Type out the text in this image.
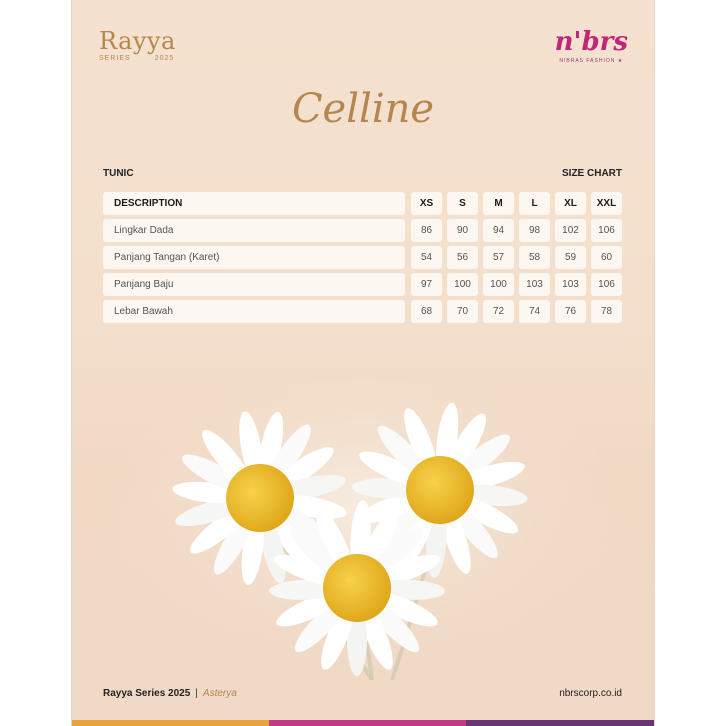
Rayya
SERIES	2025
n'brs
NIBRAS FASHION ★
Celline
TUNIC	SIZE CHART
DESCRIPTION	XS	S	M	L	XL	XXL
Lingkar Dada	86	90	94	98	102	106
Panjang Tangan (Karet)	54	56	57	58	59	60
Panjang Baju	97	100	100	103	103	106
Lebar Bawah	68	70	72	74	76	78
Rayya Series 2025 | Asterya	nbrscorp.co.id
